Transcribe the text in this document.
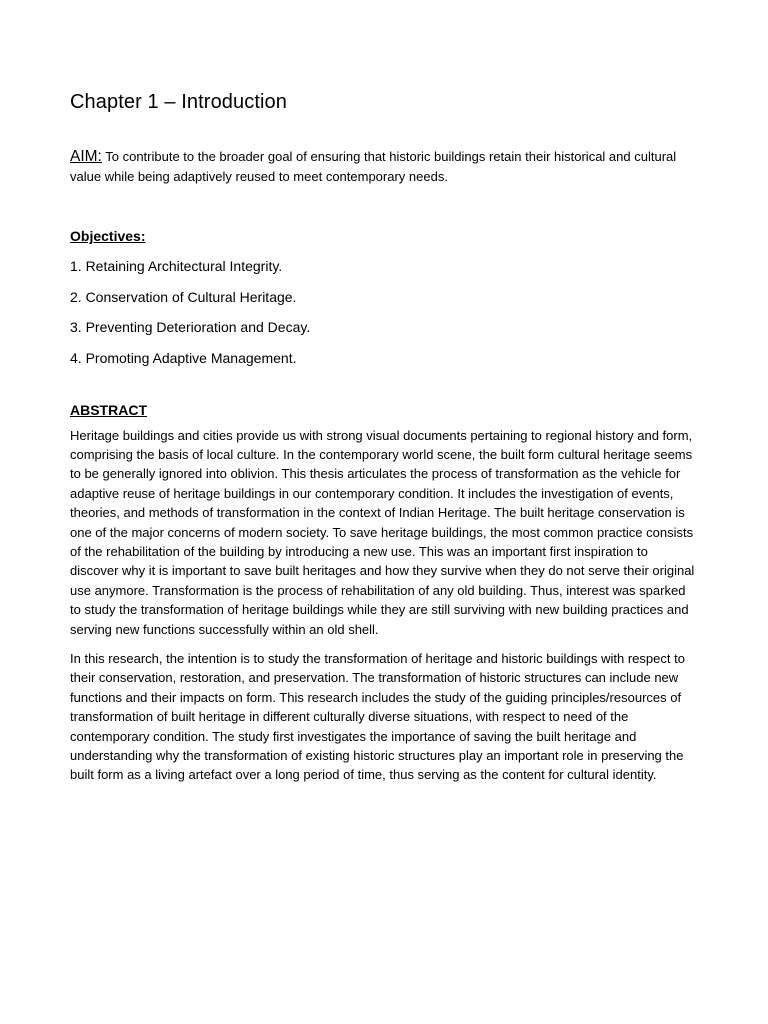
Chapter 1 – Introduction

AIM: To contribute to the broader goal of ensuring that historic buildings retain their historical and cultural value while being adaptively reused to meet contemporary needs.

Objectives:
1. Retaining Architectural Integrity.
2. Conservation of Cultural Heritage.
3. Preventing Deterioration and Decay.
4. Promoting Adaptive Management.
ABSTRACT

Heritage buildings and cities provide us with strong visual documents pertaining to regional history and form, comprising the basis of local culture. In the contemporary world scene, the built form cultural heritage seems to be generally ignored into oblivion. This thesis articulates the process of transformation as the vehicle for adaptive reuse of heritage buildings in our contemporary condition. It includes the investigation of events, theories, and methods of transformation in the context of Indian Heritage. The built heritage conservation is one of the major concerns of modern society. To save heritage buildings, the most common practice consists of the rehabilitation of the building by introducing a new use. This was an important first inspiration to discover why it is important to save built heritages and how they survive when they do not serve their original use anymore. Transformation is the process of rehabilitation of any old building. Thus, interest was sparked to study the transformation of heritage buildings while they are still surviving with new building practices and serving new functions successfully within an old shell.

In this research, the intention is to study the transformation of heritage and historic buildings with respect to their conservation, restoration, and preservation. The transformation of historic structures can include new functions and their impacts on form. This research includes the study of the guiding principles/resources of transformation of built heritage in different culturally diverse situations, with respect to need of the contemporary condition. The study first investigates the importance of saving the built heritage and understanding why the transformation of existing historic structures play an important role in preserving the built form as a living artefact over a long period of time, thus serving as the content for cultural identity.
